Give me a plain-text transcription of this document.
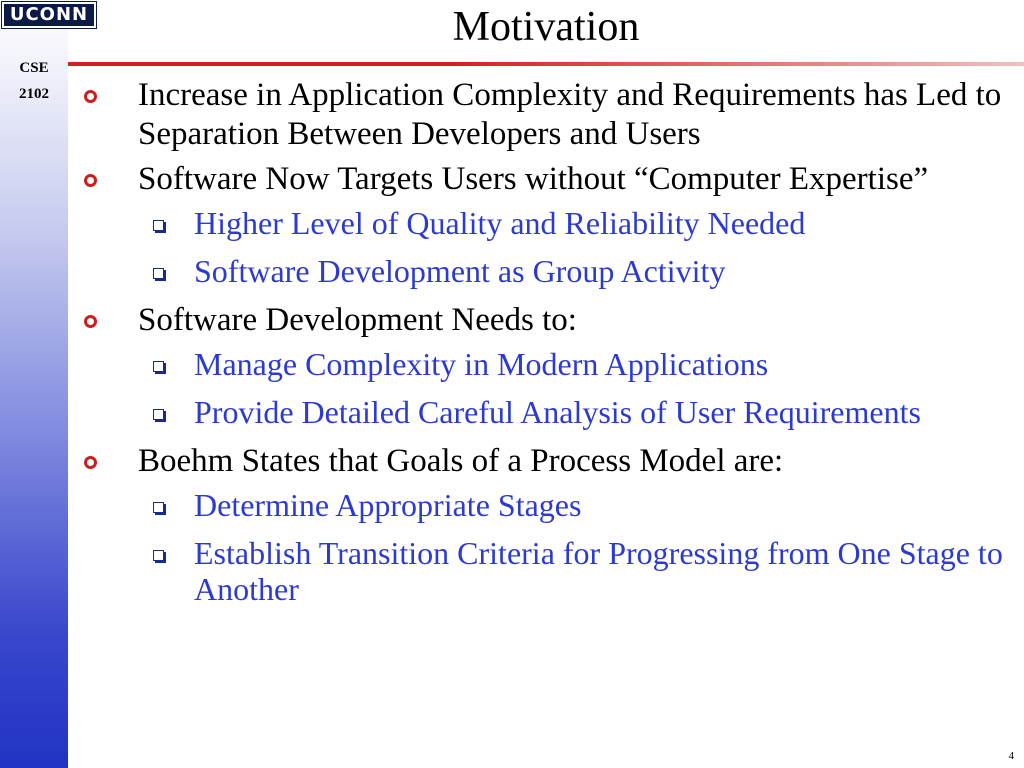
CSE
2102
UCONN	Motivation
Increase in Application Complexity and Requirements has Led to Separation Between Developers and Users
Software Now Targets Users without “Computer Expertise”
Higher Level of Quality and Reliability Needed
Software Development as Group Activity
Software Development Needs to:
Manage Complexity in Modern Applications
Provide Detailed Careful Analysis of User Requirements
Boehm States that Goals of a Process Model are:
Determine Appropriate Stages
Establish Transition Criteria for Progressing from One Stage to Another
4
